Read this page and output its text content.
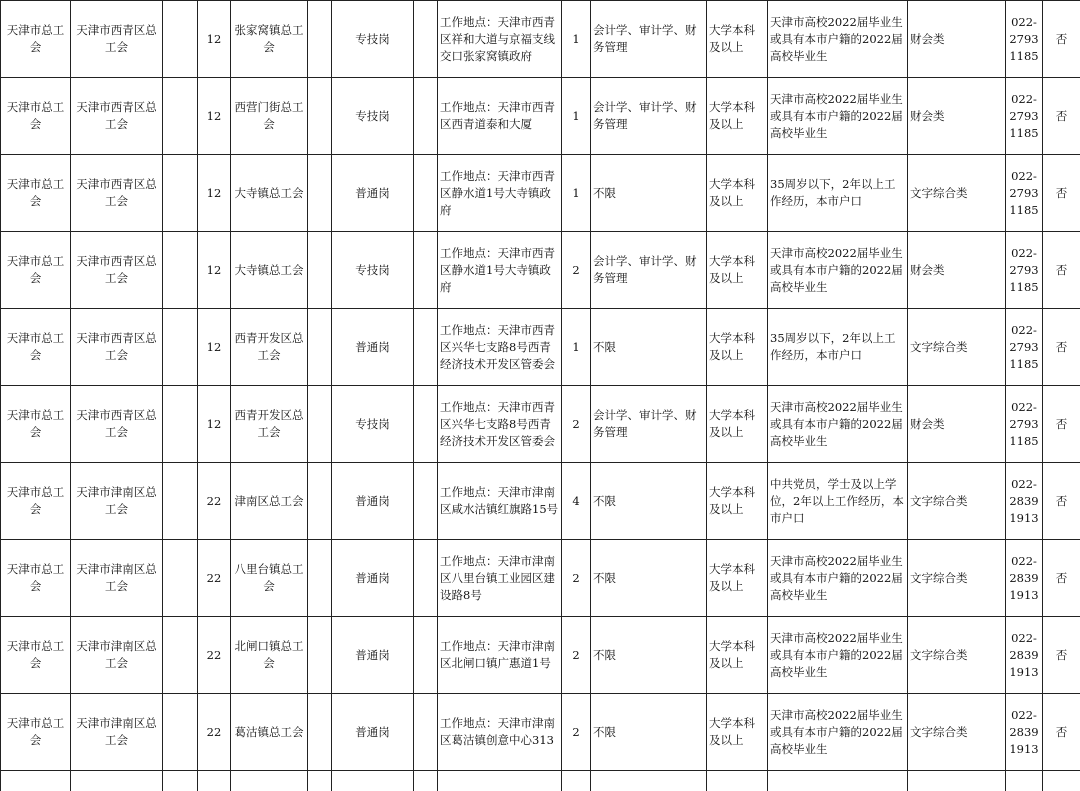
天津市总工会	天津市西青区总工会		12	张家窝镇总工会		专技岗		工作地点：天津市西青区祥和大道与京福支线交口张家窝镇政府	1	会计学、审计学、财务管理	大学本科及以上	天津市高校2022届毕业生或具有本市户籍的2022届高校毕业生	财会类	022-27931185	否
天津市总工会	天津市西青区总工会		12	西营门街总工会		专技岗		工作地点：天津市西青区西青道泰和大厦	1	会计学、审计学、财务管理	大学本科及以上	天津市高校2022届毕业生或具有本市户籍的2022届高校毕业生	财会类	022-27931185	否
天津市总工会	天津市西青区总工会		12	大寺镇总工会		普通岗		工作地点：天津市西青区静水道1号大寺镇政府	1	不限	大学本科及以上	35周岁以下，2年以上工作经历，本市户口	文字综合类	022-27931185	否
天津市总工会	天津市西青区总工会		12	大寺镇总工会		专技岗		工作地点：天津市西青区静水道1号大寺镇政府	2	会计学、审计学、财务管理	大学本科及以上	天津市高校2022届毕业生或具有本市户籍的2022届高校毕业生	财会类	022-27931185	否
天津市总工会	天津市西青区总工会		12	西青开发区总工会		普通岗		工作地点：天津市西青区兴华七支路8号西青经济技术开发区管委会	1	不限	大学本科及以上	35周岁以下，2年以上工作经历，本市户口	文字综合类	022-27931185	否
天津市总工会	天津市西青区总工会		12	西青开发区总工会		专技岗		工作地点：天津市西青区兴华七支路8号西青经济技术开发区管委会	2	会计学、审计学、财务管理	大学本科及以上	天津市高校2022届毕业生或具有本市户籍的2022届高校毕业生	财会类	022-27931185	否
天津市总工会	天津市津南区总工会		22	津南区总工会		普通岗		工作地点：天津市津南区咸水沽镇红旗路15号	4	不限	大学本科及以上	中共党员，学士及以上学位，2年以上工作经历，本市户口	文字综合类	022-28391913	否
天津市总工会	天津市津南区总工会		22	八里台镇总工会		普通岗		工作地点：天津市津南区八里台镇工业园区建设路8号	2	不限	大学本科及以上	天津市高校2022届毕业生或具有本市户籍的2022届高校毕业生	文字综合类	022-28391913	否
天津市总工会	天津市津南区总工会		22	北闸口镇总工会		普通岗		工作地点：天津市津南区北闸口镇广惠道1号	2	不限	大学本科及以上	天津市高校2022届毕业生或具有本市户籍的2022届高校毕业生	文字综合类	022-28391913	否
天津市总工会	天津市津南区总工会		22	葛沽镇总工会		普通岗		工作地点：天津市津南区葛沽镇创意中心313	2	不限	大学本科及以上	天津市高校2022届毕业生或具有本市户籍的2022届高校毕业生	文字综合类	022-28391913	否
